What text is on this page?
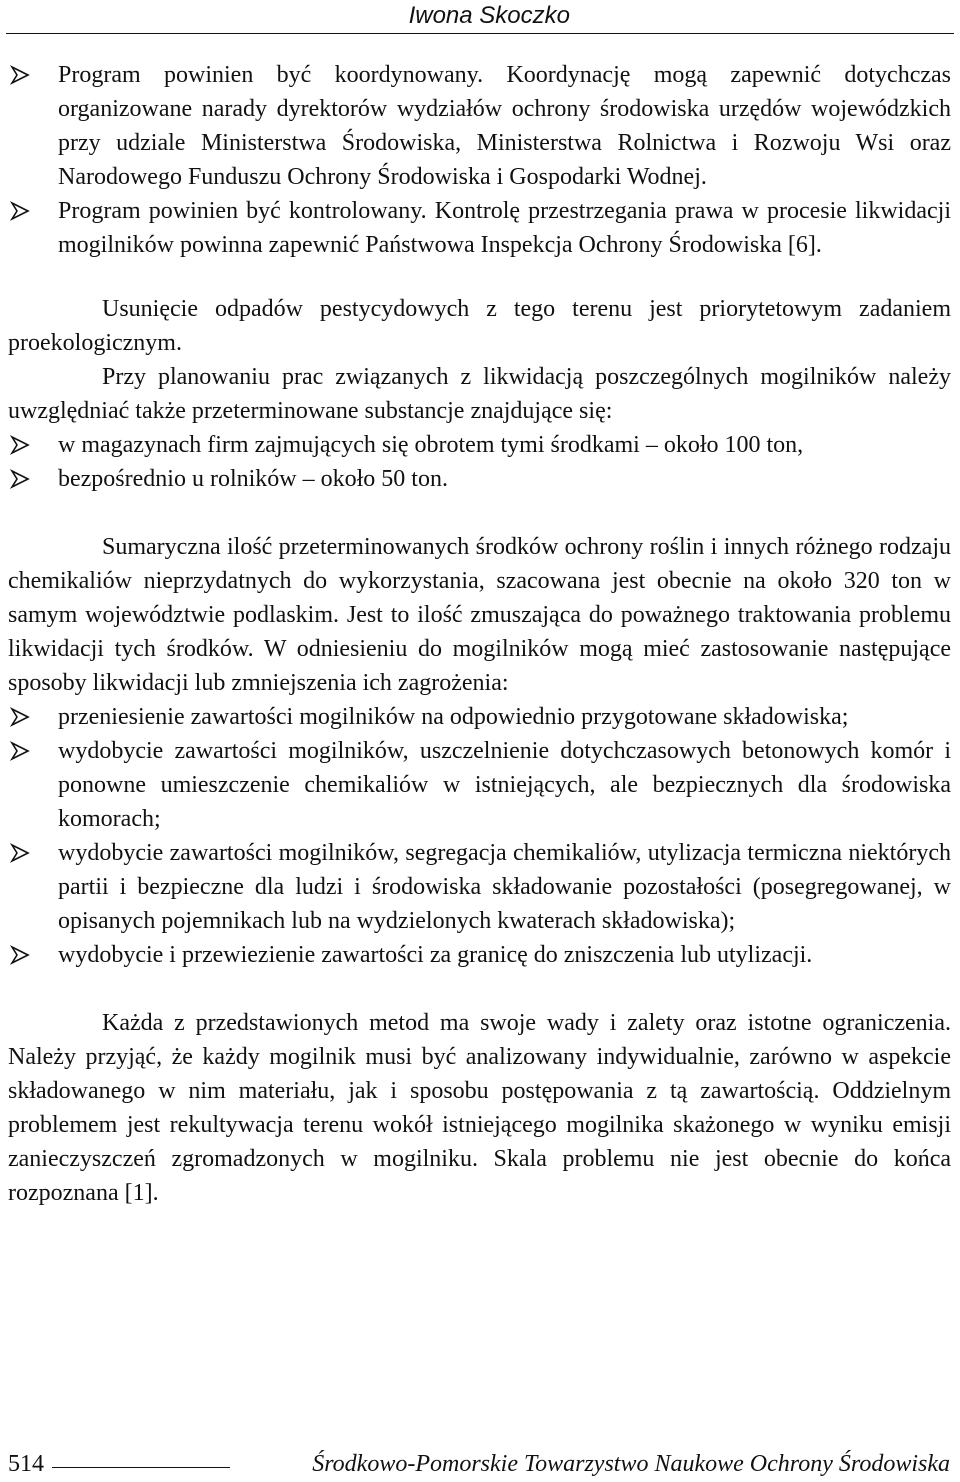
Iwona Skoczko
Program powinien być koordynowany. Koordynację mogą zapewnić dotychczas organizowane narady dyrektorów wydziałów ochrony środowiska urzędów wojewódzkich przy udziale Ministerstwa Środowiska, Ministerstwa Rolnictwa i Rozwoju Wsi oraz Narodowego Funduszu Ochrony Środowiska i Gospodarki Wodnej.
Program powinien być kontrolowany. Kontrolę przestrzegania prawa w procesie likwidacji mogilników powinna zapewnić Państwowa Inspekcja Ochrony Środowiska [6].

Usunięcie odpadów pestycydowych z tego terenu jest priorytetowym zadaniem proekologicznym.

Przy planowaniu prac związanych z likwidacją poszczególnych mogilników należy uwzględniać także przeterminowane substancje znajdujące się:

w magazynach firm zajmujących się obrotem tymi środkami – około 100 ton,
bezpośrednio u rolników – około 50 ton.

Sumaryczna ilość przeterminowanych środków ochrony roślin i innych różnego rodzaju chemikaliów nieprzydatnych do wykorzystania, szacowana jest obecnie na około 320 ton w samym województwie podlaskim. Jest to ilość zmuszająca do poważnego traktowania problemu likwidacji tych środków. W odniesieniu do mogilników mogą mieć zastosowanie następujące sposoby likwidacji lub zmniejszenia ich zagrożenia:

przeniesienie zawartości mogilników na odpowiednio przygotowane składowiska;
wydobycie zawartości mogilników, uszczelnienie dotychczasowych betonowych komór i ponowne umieszczenie chemikaliów w istniejących, ale bezpiecznych dla środowiska komorach;
wydobycie zawartości mogilników, segregacja chemikaliów, utylizacja termiczna niektórych partii i bezpieczne dla ludzi i środowiska składowanie pozostałości (posegregowanej, w opisanych pojemnikach lub na wydzielonych kwaterach składowiska);
wydobycie i przewiezienie zawartości za granicę do zniszczenia lub utylizacji.

Każda z przedstawionych metod ma swoje wady i zalety oraz istotne ograniczenia. Należy przyjąć, że każdy mogilnik musi być analizowany indywidualnie, zarówno w aspekcie składowanego w nim materiału, jak i sposobu postępowania z tą zawartością. Oddzielnym problemem jest rekultywacja terenu wokół istniejącego mogilnika skażonego w wyniku emisji zanieczyszczeń zgromadzonych w mogilniku. Skala problemu nie jest obecnie do końca rozpoznana [1].

514	Środkowo-Pomorskie Towarzystwo Naukowe Ochrony Środowiska
